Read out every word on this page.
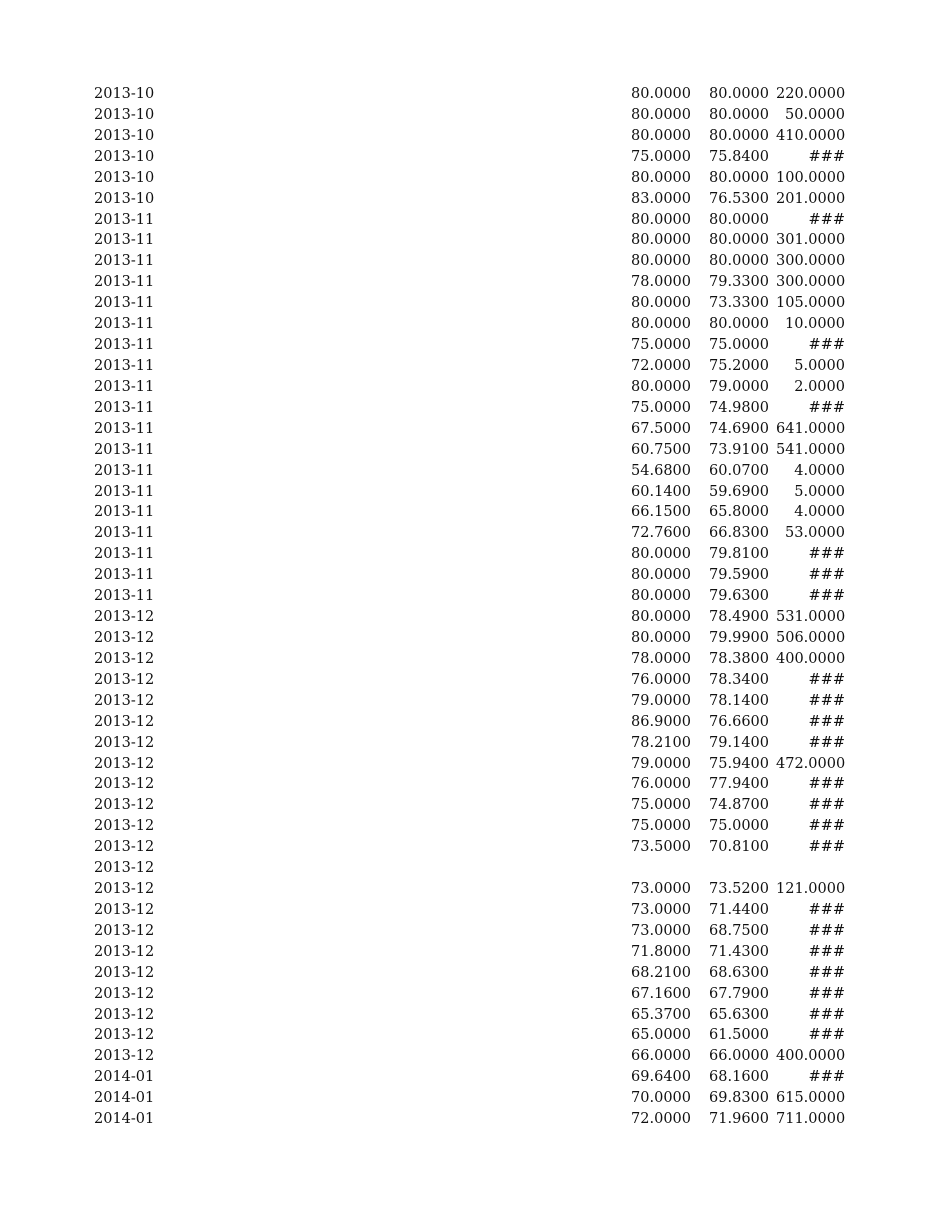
2013-10	80.0000	80.0000 220.0000
2013-10	80.0000	80.0000	50.0000
2013-10	80.0000	80.0000 410.0000
2013-10	75.0000	75.8400	###
2013-10	80.0000	80.0000 100.0000
2013-10	83.0000	76.5300 201.0000
2013-11	80.0000	80.0000	###
2013-11	80.0000	80.0000 301.0000
2013-11	80.0000	80.0000 300.0000
2013-11	78.0000	79.3300 300.0000
2013-11	80.0000	73.3300 105.0000
2013-11	80.0000	80.0000	10.0000
2013-11	75.0000	75.0000	###
2013-11	72.0000	75.2000	5.0000
2013-11	80.0000	79.0000	2.0000
2013-11	75.0000	74.9800	###
2013-11	67.5000	74.6900 641.0000
2013-11	60.7500	73.9100 541.0000
2013-11	54.6800	60.0700	4.0000
2013-11	60.1400	59.6900	5.0000
2013-11	66.1500	65.8000	4.0000
2013-11	72.7600	66.8300	53.0000
2013-11	80.0000	79.8100	###
2013-11	80.0000	79.5900	###
2013-11	80.0000	79.6300	###
2013-12	80.0000	78.4900 531.0000
2013-12	80.0000	79.9900 506.0000
2013-12	78.0000	78.3800 400.0000
2013-12	76.0000	78.3400	###
2013-12	79.0000	78.1400	###
2013-12	86.9000	76.6600	###
2013-12	78.2100	79.1400	###
2013-12	79.0000	75.9400 472.0000
2013-12	76.0000	77.9400	###
2013-12	75.0000	74.8700	###
2013-12	75.0000	75.0000	###
2013-12	73.5000	70.8100	###
2013-12
2013-12	73.0000	73.5200 121.0000
2013-12	73.0000	71.4400	###
2013-12	73.0000	68.7500	###
2013-12	71.8000	71.4300	###
2013-12	68.2100	68.6300	###
2013-12	67.1600	67.7900	###
2013-12	65.3700	65.6300	###
2013-12	65.0000	61.5000	###
2013-12	66.0000	66.0000 400.0000
2014-01	69.6400	68.1600	###
2014-01	70.0000	69.8300 615.0000
2014-01	72.0000	71.9600 711.0000
